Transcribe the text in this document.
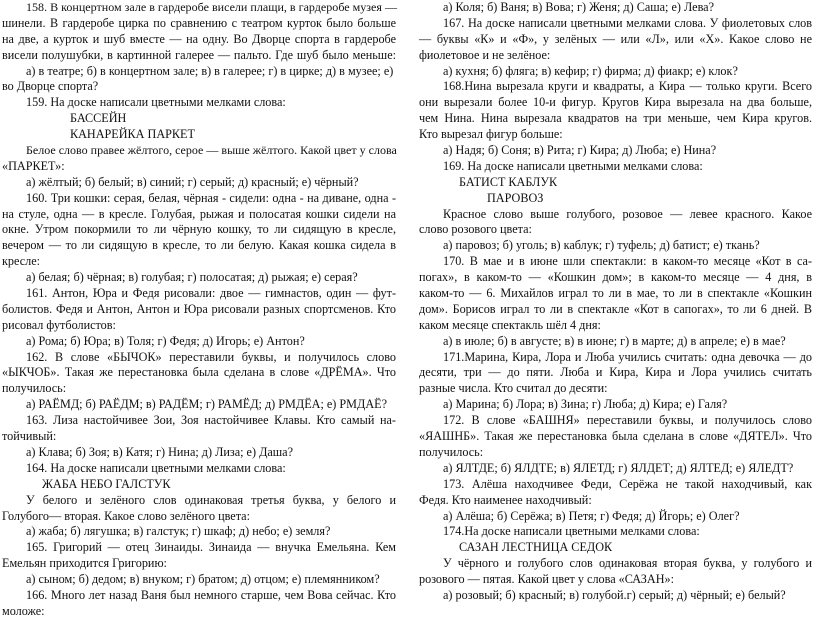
158. В концертном зале в гардеробе висели плащи, в гардеробе музея —
шинели. В гардеробе цирка по сравнению с театром курток было больше
на две, а курток и шуб вместе — на одну. Во Дворце спорта в гардеробе
висели полушубки, в картинной галерее — пальто. Где шуб было меньше:
а) в театре; б) в концертном зале; в) в галерее; г) в цирке; д) в музее; е)
во Дворце спорта?
159. На доске написали цветными мелками слова:
БАССЕЙН
КАНАРЕЙКА ПАРКЕТ
Белое слово правее жёлтого, серое — выше жёлтого. Какой цвет у слова
«ПАРКЕТ»:
а) жёлтый; б) белый; в) синий; г) серый; д) красный; е) чёрный?
160. Три кошки: серая, белая, чёрная - сидели: одна - на диване, одна -
на стуле, одна — в кресле. Голубая, рыжая и полосатая кошки сидели на
окне. Утром покормили то ли чёрную кошку, то ли сидящую в кресле,
вечером — то ли сидящую в кресле, то ли белую. Какая кошка сидела в
кресле:
а) белая; б) чёрная; в) голубая; г) полосатая; д) рыжая; е) серая?
161. Антон, Юра и Федя рисовали: двое — гимнастов, один — фут-
болистов. Федя и Антон, Антон и Юра рисовали разных спортсменов. Кто
рисовал футболистов:
а) Рома; б) Юра; в) Толя; г) Федя; д) Игорь; е) Антон?
162. В слове «БЫЧОК» переставили буквы, и получилось слово
«ЫКЧОБ». Такая же перестановка была сделана в слове «ДРЁМА». Что
получилось:
а) РАЁМД; б) РАЁДМ; в) РАДЁМ; г) РАМЁД; д) РМДЁА; е) РМДАЁ?
163. Лиза настойчивее Зои, Зоя настойчивее Клавы. Кто самый на-
тойчивый:
а) Клава; б) Зоя; в) Катя; г) Нина; д) Лиза; е) Даша?
164. На доске написали цветными мелками слова:
ЖАБА НЕБО ГАЛСТУК
У белого и зелёного слов одинаковая третья буква, у белого и
Голубого— вторая. Какое слово зелёного цвета:
а) жаба; б) лягушка; в) галстук; г) шкаф; д) небо; е) земля?
165. Григорий — отец Зинаиды. Зинаида — внучка Емельяна. Кем
Емельян приходится Григорию:
а) сыном; б) дедом; в) внуком; г) братом; д) отцом; е) племянником?
166. Много лет назад Ваня был немного старше, чем Вова сейчас. Кто
моложе:
а) Коля; б) Ваня; в) Вова; г) Женя; д) Саша; е) Лева?
167. На доске написали цветными мелками слова. У фиолетовых слов
— буквы «К» и «Ф», у зелёных — или «Л», или «Х». Какое слово не
фиолетовое и не зелёное:
а) кухня; б) фляга; в) кефир; г) фирма; д) фиакр; е) клок?
168.Нина вырезала круги и квадраты, а Кира — только круги. Всего
они вырезали более 10-и фигур. Кругов Кира вырезала на два больше,
чем Нина. Нина вырезала квадратов на три меньше, чем Кира кругов.
Кто вырезал фигур больше:
а) Надя; б) Соня; в) Рита; г) Кира; д) Люба; е) Нина?
169. На доске написали цветными мелками слова:
БАТИСТ КАБЛУК
ПАРОВОЗ
Красное слово выше голубого, розовое — левее красного. Какое
слово розового цвета:
а) паровоз; б) уголь; в) каблук; г) туфель; д) батист; е) ткань?
170. В мае и в июне шли спектакли: в каком-то месяце «Кот в са-
погах», в каком-то — «Кошкин дом»; в каком-то месяце — 4 дня, в
каком-то — 6. Михайлов играл то ли в мае, то ли в спектакле «Кошкин
дом». Борисов играл то ли в спектакле «Кот в сапогах», то ли 6 дней. В
каком месяце спектакль шёл 4 дня:
а) в июле; б) в августе; в) в июне; г) в марте; д) в апреле; е) в мае?
171.Марина, Кира, Лора и Люба учились считать: одна девочка — до
десяти, три — до пяти. Люба и Кира, Кира и Лора учились считать
разные числа. Кто считал до десяти:
а) Марина; б) Лора; в) Зина; г) Люба; д) Кира; е) Галя?
172. В слове «БАШНЯ» переставили буквы, и получилось слово
«ЯАШНБ». Такая же перестановка была сделана в слове «ДЯТЕЛ». Что
получилось:
а) ЯЛТДЕ; б) ЯЛДТЕ; в) ЯЛЕТД; г) ЯЛДЕТ; д) ЯЛТЕД; е) ЯЛЕДТ?
173. Алёша находчивее Феди, Серёжа не такой находчивый, как
Федя. Кто наименее находчивый:
а) Алёша; б) Серёжа; в) Петя; г) Федя; д) Йгорь; е) Олег?
174.На доске написали цветными мелками слова:
САЗАН ЛЕСТНИЦА СЕДОК
У чёрного и голубого слов одинаковая вторая буква, у голубого и
розового — пятая. Какой цвет у слова «САЗАН»:
а) розовый; б) красный; в) голубой.г) серый; д) чёрный; е) белый?
